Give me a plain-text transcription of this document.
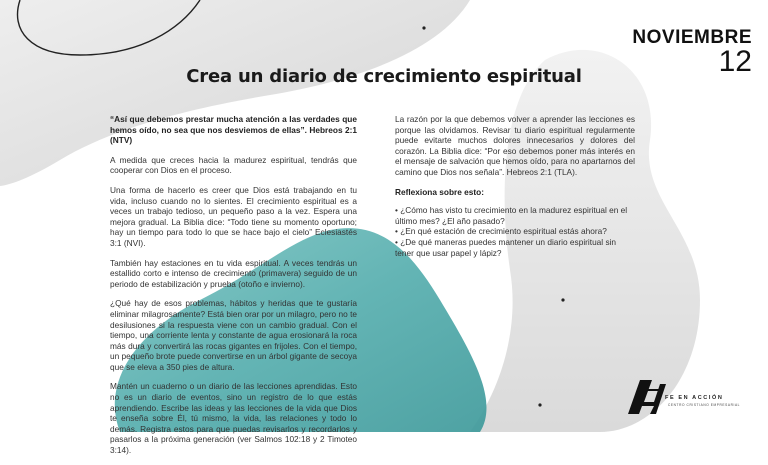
NOVIEMBRE
12
Crea un diario de crecimiento espiritual

“Así que debemos prestar mucha atención a las verdades que hemos oído, no sea que nos desviemos de ellas”. Hebreos 2:1 (NTV)

A medida que creces hacia la madurez espiritual, tendrás que cooperar con Dios en el proceso.

Una forma de hacerlo es creer que Dios está trabajando en tu vida, incluso cuando no lo sientes. El crecimiento espiritual es a veces un trabajo tedioso, un pequeño paso a la vez. Espera una mejora gradual. La Biblia dice: “Todo tiene su momento oportuno; hay un tiempo para todo lo que se hace bajo el cielo” Eclesiastés 3:1 (NVI).

También hay estaciones en tu vida espiritual. A veces tendrás un estallido corto e intenso de crecimiento (primavera) seguido de un periodo de estabilización y prueba (otoño e invierno).

¿Qué hay de esos problemas, hábitos y heridas que te gustaría eliminar milagrosamente? Está bien orar por un milagro, pero no te desilusiones si la respuesta viene con un cambio gradual. Con el tiempo, una corriente lenta y constante de agua erosionará la roca más dura y convertirá las rocas gigantes en frijoles. Con el tiempo, un pequeño brote puede convertirse en un árbol gigante de secoya que se eleva a 350 pies de altura.

Mantén un cuaderno o un diario de las lecciones aprendidas. Esto no es un diario de eventos, sino un registro de lo que estás aprendiendo. Escribe las ideas y las lecciones de la vida que Dios te enseña sobre Él, tú mismo, la vida, las relaciones y todo lo demás. Registra estos para que puedas revisarlos y recordarlos y pasarlos a la próxima generación (ver Salmos 102:18 y 2 Timoteo 3:14).

La razón por la que debemos volver a aprender las lecciones es porque las olvidamos. Revisar tu diario espiritual regularmente puede evitarte muchos dolores innecesarios y dolores del corazón. La Biblia dice: “Por eso debemos poner más interés en el mensaje de salvación que hemos oído, para no apartarnos del camino que Dios nos señala”. Hebreos 2:1 (TLA).

Reflexiona sobre esto:
• ¿Cómo has visto tu crecimiento en la madurez espiritual en el último mes? ¿El año pasado?
• ¿En qué estación de crecimiento espiritual estás ahora?
• ¿De qué maneras puedes mantener un diario espiritual sin tener que usar papel y lápiz?
FE EN ACCIÓN
CENTRO CRISTIANO EMPRESARIAL
